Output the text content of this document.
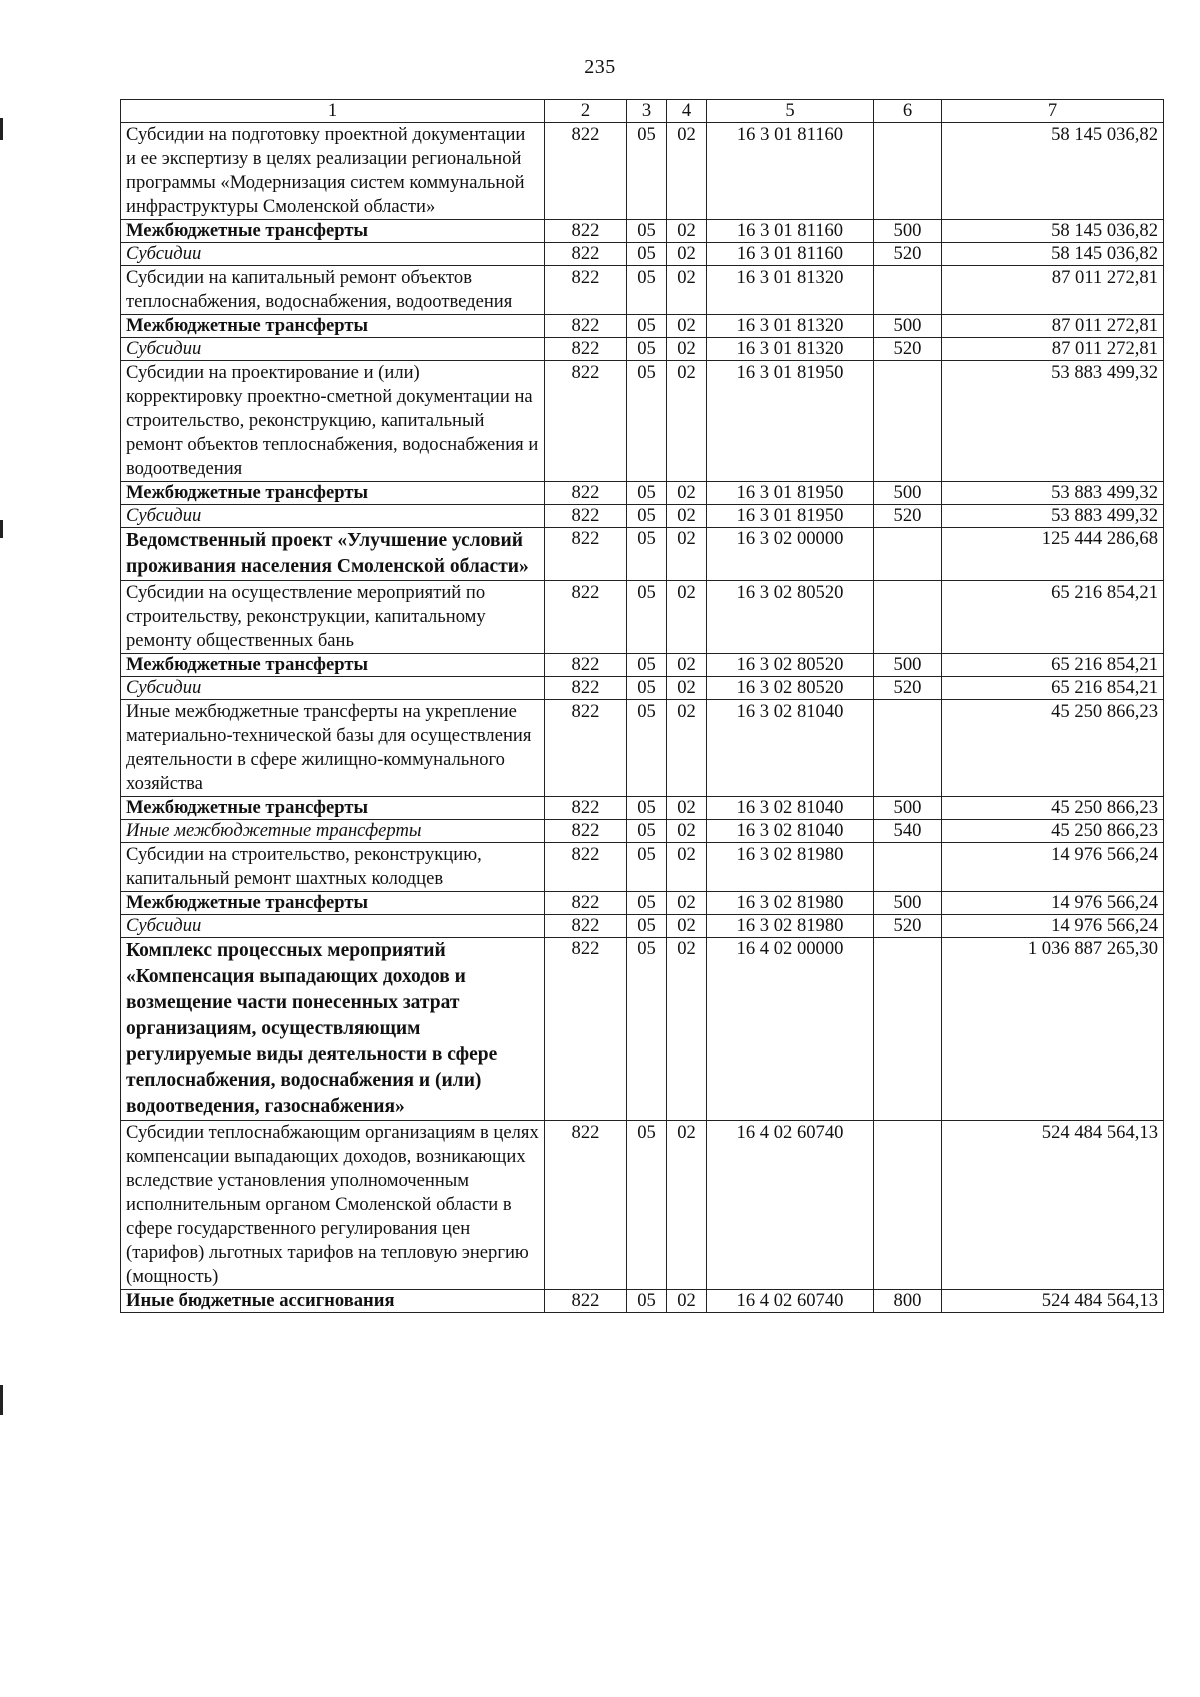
235
1	2	3	4	5	6	7
Субсидии на подготовку проектной документации и ее экспертизу в целях реализации региональной программы «Модернизация систем коммунальной инфраструктуры Смоленской области»	822	05	02	16 3 01 81160		58 145 036,82
Межбюджетные трансферты	822	05	02	16 3 01 81160	500	58 145 036,82
Субсидии	822	05	02	16 3 01 81160	520	58 145 036,82
Субсидии на капитальный ремонт объектов теплоснабжения, водоснабжения, водоотведения	822	05	02	16 3 01 81320		87 011 272,81
Межбюджетные трансферты	822	05	02	16 3 01 81320	500	87 011 272,81
Субсидии	822	05	02	16 3 01 81320	520	87 011 272,81
Субсидии на проектирование и (или) корректировку проектно-сметной документации на строительство, реконструкцию, капитальный ремонт объектов теплоснабжения, водоснабжения и водоотведения	822	05	02	16 3 01 81950		53 883 499,32
Межбюджетные трансферты	822	05	02	16 3 01 81950	500	53 883 499,32
Субсидии	822	05	02	16 3 01 81950	520	53 883 499,32
Ведомственный проект «Улучшение условий проживания населения Смоленской области»	822	05	02	16 3 02 00000		125 444 286,68
Субсидии на осуществление мероприятий по строительству, реконструкции, капитальному ремонту общественных бань	822	05	02	16 3 02 80520		65 216 854,21
Межбюджетные трансферты	822	05	02	16 3 02 80520	500	65 216 854,21
Субсидии	822	05	02	16 3 02 80520	520	65 216 854,21
Иные межбюджетные трансферты на укрепление материально-технической базы для осуществления деятельности в сфере жилищно-коммунального хозяйства	822	05	02	16 3 02 81040		45 250 866,23
Межбюджетные трансферты	822	05	02	16 3 02 81040	500	45 250 866,23
Иные межбюджетные трансферты	822	05	02	16 3 02 81040	540	45 250 866,23
Субсидии на строительство, реконструкцию, капитальный ремонт шахтных колодцев	822	05	02	16 3 02 81980		14 976 566,24
Межбюджетные трансферты	822	05	02	16 3 02 81980	500	14 976 566,24
Субсидии	822	05	02	16 3 02 81980	520	14 976 566,24
Комплекс процессных мероприятий «Компенсация выпадающих доходов и возмещение части понесенных затрат организациям, осуществляющим регулируемые виды деятельности в сфере теплоснабжения, водоснабжения и (или) водоотведения, газоснабжения»	822	05	02	16 4 02 00000		1 036 887 265,30
Субсидии теплоснабжающим организациям в целях компенсации выпадающих доходов, возникающих вследствие установления уполномоченным исполнительным органом Смоленской области в сфере государственного регулирования цен (тарифов) льготных тарифов на тепловую энергию (мощность)	822	05	02	16 4 02 60740		524 484 564,13
Иные бюджетные ассигнования	822	05	02	16 4 02 60740	800	524 484 564,13
